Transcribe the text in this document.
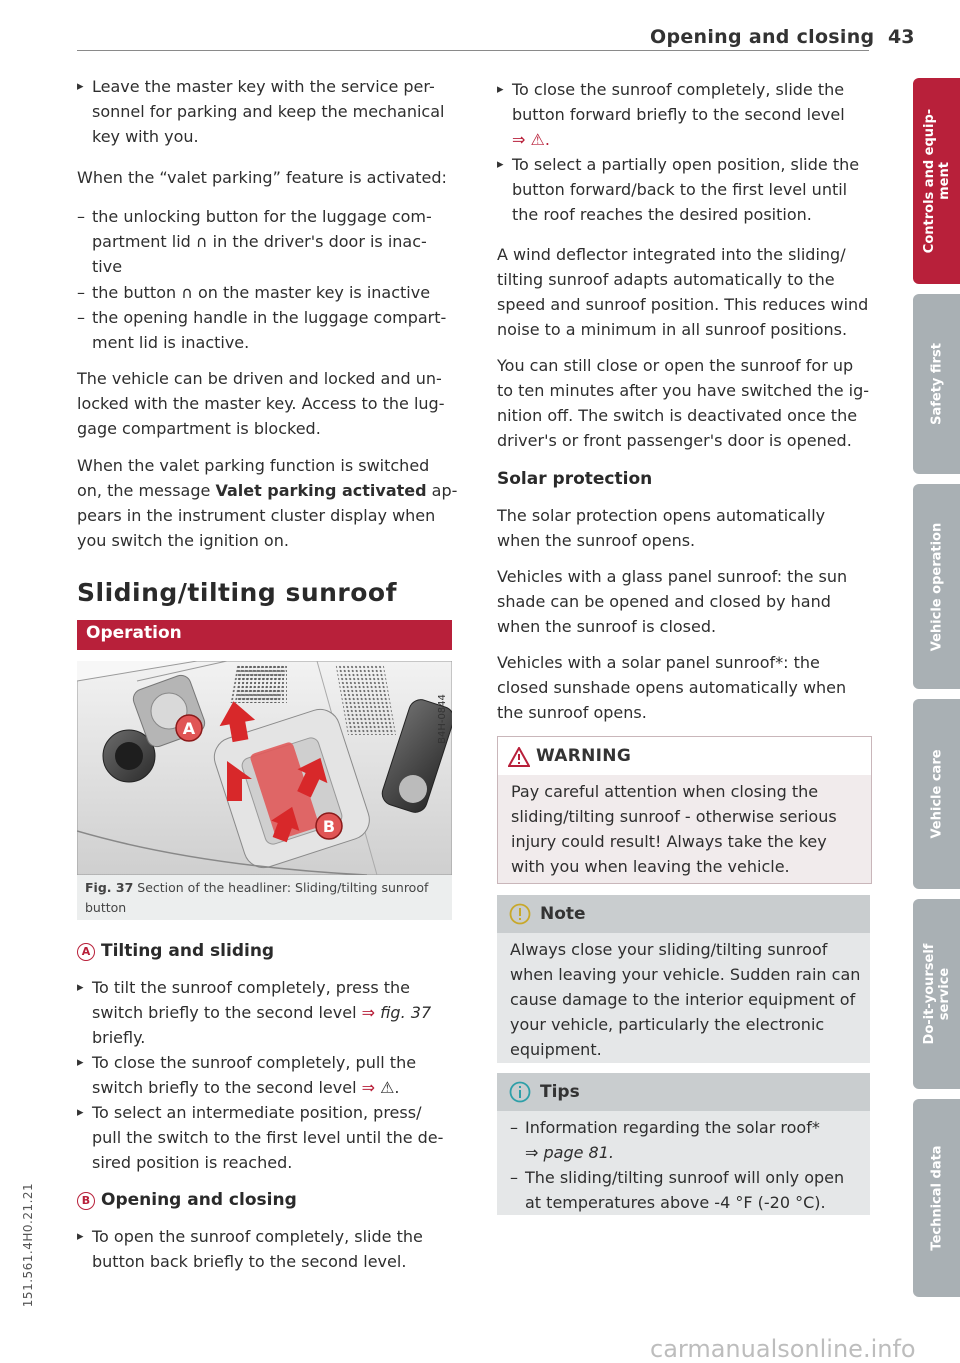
Opening and closing 43
▸ Leave the master key with the service per-
sonnel for parking and keep the mechanical
key with you.
When the “valet parking” feature is activated:
– the unlocking button for the luggage com-
partment lid ∩ in the driver's door is inac-
tive
– the button ∩ on the master key is inactive
– the opening handle in the luggage compart-
ment lid is inactive.
The vehicle can be driven and locked and un-
locked with the master key. Access to the lug-
gage compartment is blocked.
When the valet parking function is switched
on, the message Valet parking activated ap-
pears in the instrument cluster display when
you switch the ignition on.
Sliding/tilting sunroof
Operation
A
B
B4H-0844
Fig. 37 Section of the headliner: Sliding/tilting sunroof button
A Tilting and sliding
▸ To tilt the sunroof completely, press the
switch briefly to the second level ⇒ fig. 37
briefly.
▸ To close the sunroof completely, pull the
switch briefly to the second level ⇒ ⚠.
▸ To select an intermediate position, press/
pull the switch to the first level until the de-
sired position is reached.
B Opening and closing
▸ To open the sunroof completely, slide the
button back briefly to the second level.
▸ To close the sunroof completely, slide the
button forward briefly to the second level
⇒ ⚠.
▸ To select a partially open position, slide the
button forward/back to the first level until
the roof reaches the desired position.
A wind deflector integrated into the sliding/
tilting sunroof adapts automatically to the
speed and sunroof position. This reduces wind
noise to a minimum in all sunroof positions.
You can still close or open the sunroof for up
to ten minutes after you have switched the ig-
nition off. The switch is deactivated once the
driver's or front passenger's door is opened.
Solar protection
The solar protection opens automatically
when the sunroof opens.
Vehicles with a glass panel sunroof: the sun
shade can be opened and closed by hand
when the sunroof is closed.
Vehicles with a solar panel sunroof*: the
closed sunshade opens automatically when
the sunroof opens.
WARNING
Pay careful attention when closing the
sliding/tilting sunroof - otherwise serious
injury could result! Always take the key
with you when leaving the vehicle.
Note
Always close your sliding/tilting sunroof
when leaving your vehicle. Sudden rain can
cause damage to the interior equipment of
your vehicle, particularly the electronic
equipment.
Tips
– Information regarding the solar roof*
⇒ page 81.
– The sliding/tilting sunroof will only open
at temperatures above -4 °F (-20 °C).
Controls and equip- ment
Safety first
Vehicle operation
Vehicle care
Do-it-yourself service
Technical data
151.561.4H0.21.21
carmanualsonline.info
